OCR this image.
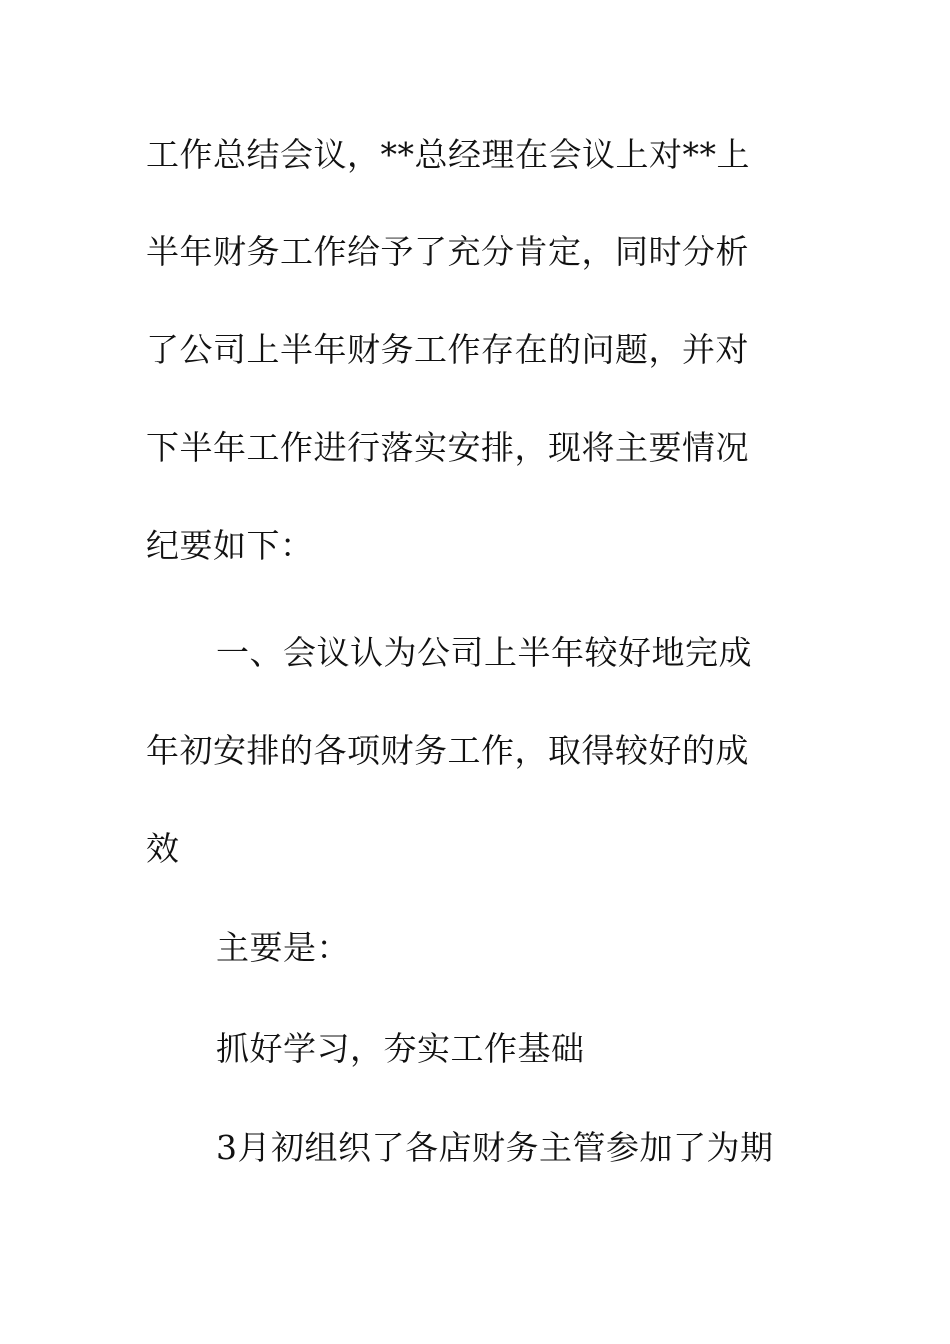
工作总结会议，**总经理在会议上对**上
半年财务工作给予了充分肯定，同时分析
了公司上半年财务工作存在的问题，并对
下半年工作进行落实安排，现将主要情况
纪要如下：
一、会议认为公司上半年较好地完成
年初安排的各项财务工作，取得较好的成
效
主要是：
抓好学习，夯实工作基础
3月初组织了各店财务主管参加了为期
